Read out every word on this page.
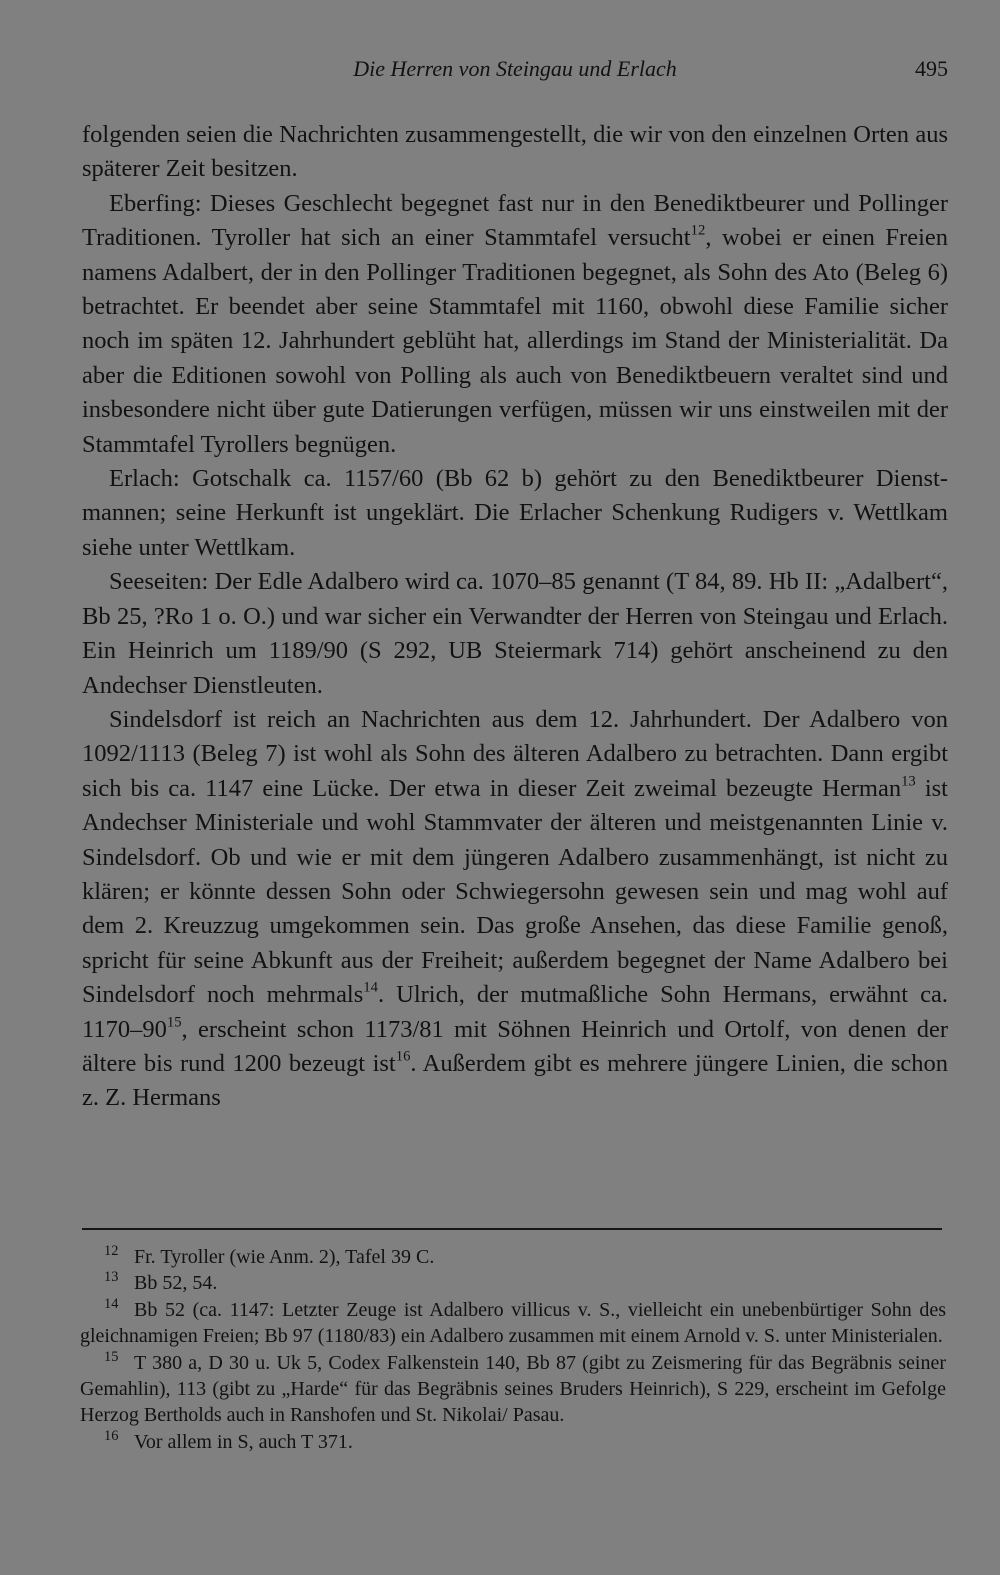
Die Herren von Steingau und Erlach	495

folgenden seien die Nachrichten zusammengestellt, die wir von den einzelnen Orten aus späterer Zeit besitzen.

Eberfing: Dieses Geschlecht begegnet fast nur in den Benediktbeurer und Pollinger Traditionen. Tyroller hat sich an einer Stammtafel versucht$^{12}$, wobei er einen Freien namens Adalbert, der in den Pollinger Traditionen begegnet, als Sohn des Ato (Beleg 6) betrachtet. Er beendet aber seine Stammtafel mit 1160, obwohl diese Familie sicher noch im späten 12. Jahrhundert geblüht hat, allerdings im Stand der Ministerialität. Da aber die Editionen sowohl von Polling als auch von Benediktbeuern veraltet sind und insbesondere nicht über gute Datierungen verfügen, müssen wir uns einstweilen mit der Stammtafel Tyrollers begnügen.

Erlach: Gotschalk ca. 1157/60 (Bb 62 b) gehört zu den Benediktbeurer Dienstmannen; seine Herkunft ist ungeklärt. Die Erlacher Schenkung Rudigers v. Wettlkam siehe unter Wettlkam.

Seeseiten: Der Edle Adalbero wird ca. 1070–85 genannt (T 84, 89. Hb II: „Adalbert“, Bb 25, ?Ro 1 o. O.) und war sicher ein Verwandter der Herren von Steingau und Erlach. Ein Heinrich um 1189/90 (S 292, UB Steiermark 714) gehört anscheinend zu den Andechser Dienstleuten.

Sindelsdorf ist reich an Nachrichten aus dem 12. Jahrhundert. Der Adalbero von 1092/1113 (Beleg 7) ist wohl als Sohn des älteren Adalbero zu betrachten. Dann ergibt sich bis ca. 1147 eine Lücke. Der etwa in dieser Zeit zweimal bezeugte Herman$^{13}$ ist Andechser Ministeriale und wohl Stammvater der älteren und meistgenannten Linie v. Sindelsdorf. Ob und wie er mit dem jüngeren Adalbero zusammenhängt, ist nicht zu klären; er könnte dessen Sohn oder Schwiegersohn gewesen sein und mag wohl auf dem 2. Kreuzzug umgekommen sein. Das große Ansehen, das diese Familie genoß, spricht für seine Abkunft aus der Freiheit; außerdem begegnet der Name Adalbero bei Sindelsdorf noch mehrmals$^{14}$. Ulrich, der mutmaßliche Sohn Hermans, erwähnt ca. $1170-90^{15}$, erscheint schon 1173/81 mit Söhnen Heinrich und Ortolf, von denen der ältere bis rund 1200 bezeugt ist$^{16}$. Außerdem gibt es mehrere jüngere Linien, die schon z. Z. Hermans

$^{12}$ Fr. Tyroller (wie Anm. 2), Tafel 39 C.

$^{13}$ Bb 52, 54.

$^{14}$ Bb 52 (ca. 1147: Letzter Zeuge ist Adalbero villicus v. S., vielleicht ein unebenbürtiger Sohn des gleichnamigen Freien; Bb 97 (1180/83) ein Adalbero zusammen mit einem Arnold v. S. unter Ministerialen.

$^{15}$ T 380 a, D 30 u. Uk 5, Codex Falkenstein 140, Bb 87 (gibt zu Zeismering für das Begräbnis seiner Gemahlin), 113 (gibt zu „Harde“ für das Begräbnis seines Bruders Heinrich), S 229, erscheint im Gefolge Herzog Bertholds auch in Ranshofen und St. Nikolai/ Pasau.

$^{16}$ Vor allem in S, auch T 371.
